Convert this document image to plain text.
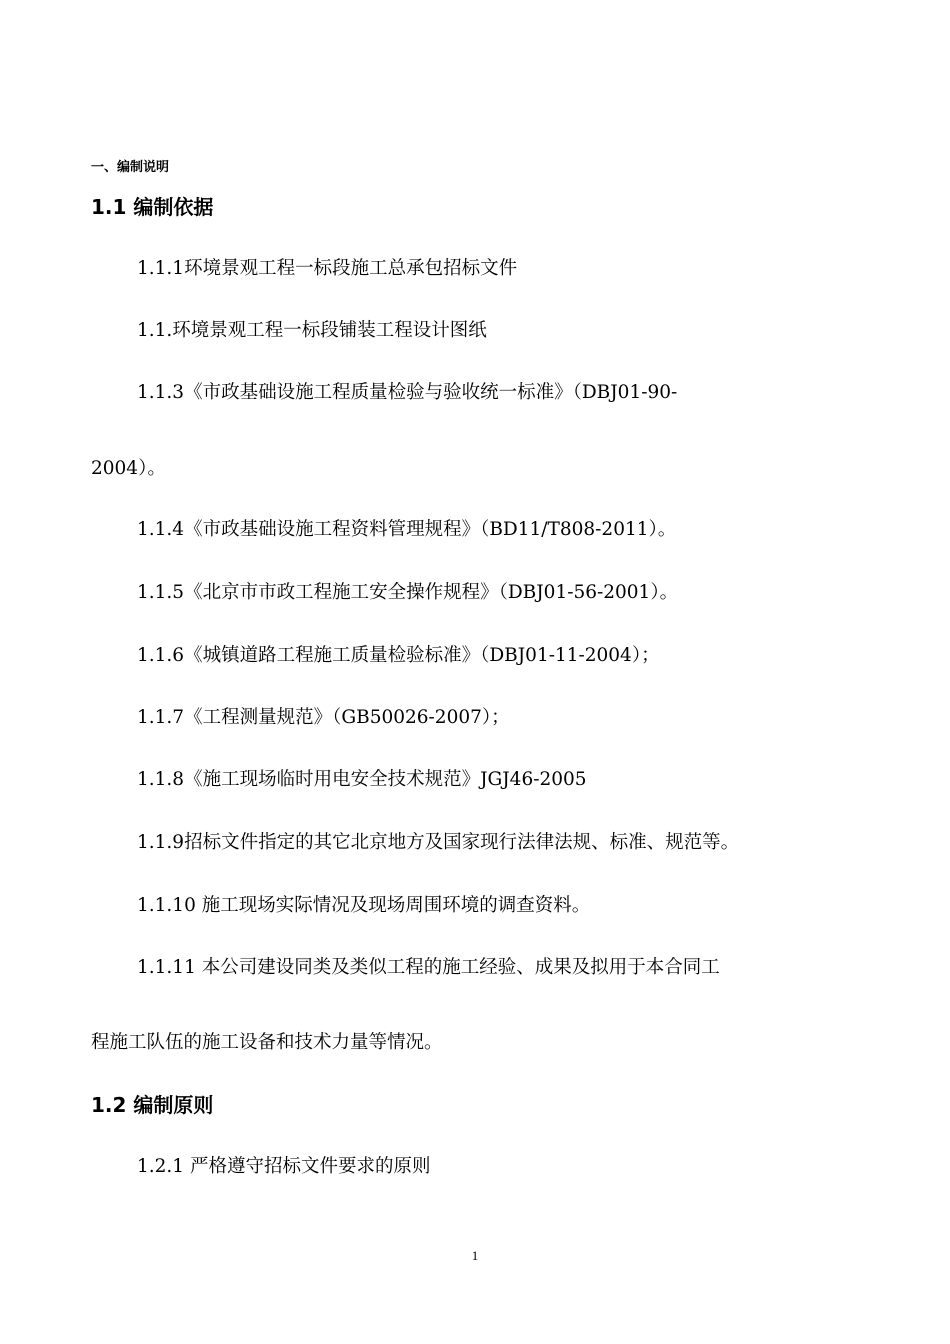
一、编制说明
1.1 编制依据
1.1.1环境景观工程一标段施工总承包招标文件
1.1.环境景观工程一标段铺装工程设计图纸
1.1.3《市政基础设施工程质量检验与验收统一标准》（DBJ01-90-
2004）。
1.1.4《市政基础设施工程资料管理规程》（BD11/T808-2011）。
1.1.5《北京市市政工程施工安全操作规程》（DBJ01-56-2001）。
1.1.6《城镇道路工程施工质量检验标准》（DBJ01-11-2004）；
1.1.7《工程测量规范》（GB50026-2007）；
1.1.8《施工现场临时用电安全技术规范》JGJ46-2005
1.1.9招标文件指定的其它北京地方及国家现行法律法规、标准、规范等。
1.1.10 施工现场实际情况及现场周围环境的调查资料。
1.1.11 本公司建设同类及类似工程的施工经验、成果及拟用于本合同工
程施工队伍的施工设备和技术力量等情况。
1.2 编制原则
1.2.1 严格遵守招标文件要求的原则
1
